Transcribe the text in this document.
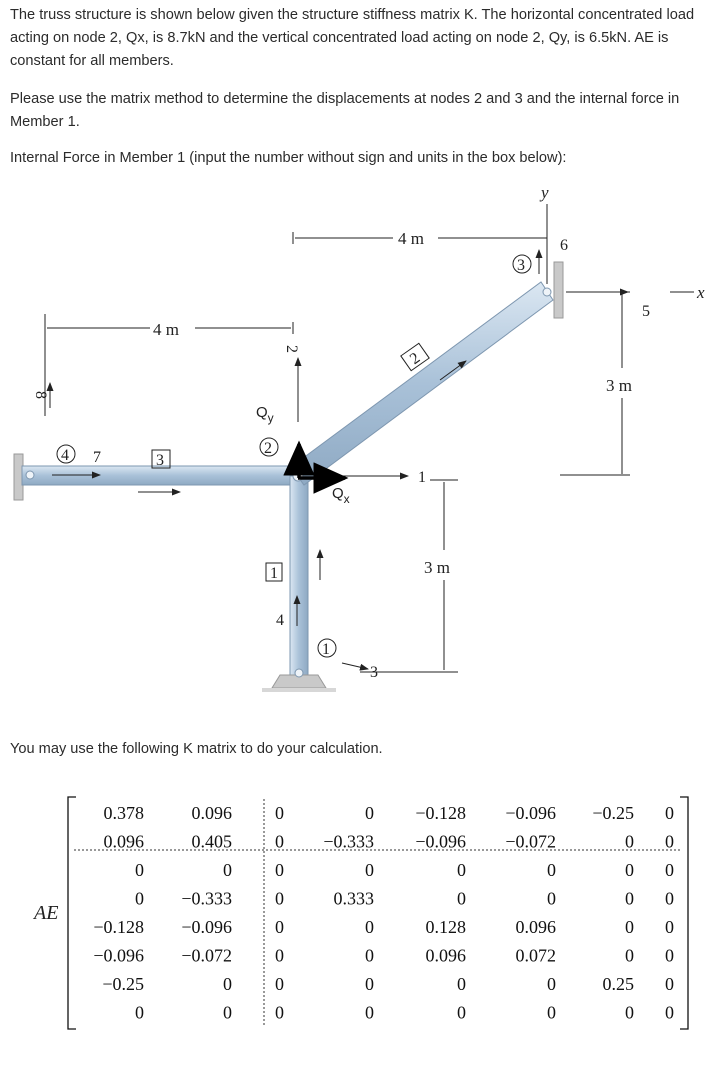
The truss structure is shown below given the structure stiffness matrix K. The horizontal concentrated load acting on node 2, Qx, is 8.7kN and the vertical concentrated load acting on node 2, Qy, is 6.5kN. AE is constant for all members.

Please use the matrix method to determine the displacements at nodes 2 and 3 and the internal force in Member 1.

Internal Force in Member 1 (input the number without sign and units in the box below):

4 m
4 m
3 m
3 m
y
x
8
7
2
1
4
3
6
5
4	2
1
3
3
1
2
$Q_y$
$Q_x$

You may use the following K matrix to do your calculation.

AE
0.378	0.096 0	0 −0.128 −0.096 −0.25 0
0.096	0.405 0 −0.333 −0.096 −0.072	0 0
0	0 0	0	0	0	0 0
0 −0.333 0	0.333	0	0	0 0
−0.128 −0.096 0	0	0.128	0.096	0 0
−0.096 −0.072 0	0	0.096	0.072	0 0
−0.25	0 0	0	0	0	0.25 0
0	0 0	0	0	0	0 0
